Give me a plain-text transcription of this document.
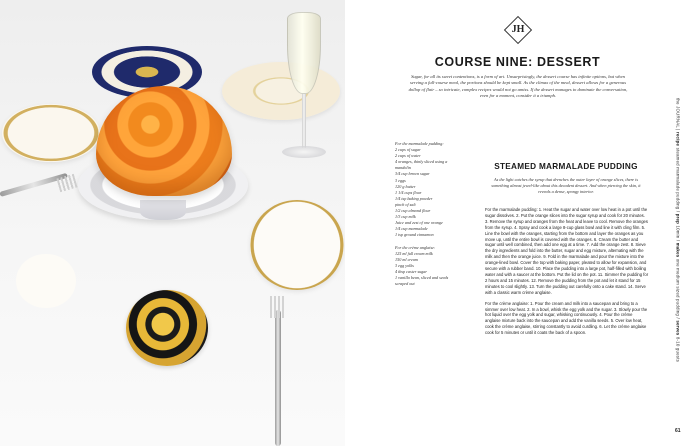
JH
COURSE NINE: DESSERT
Sugar, for all its sweet contentions, is a form of art. Unsurprisingly, the dessert course has infinite options, but when serving a full-course meal, the portions should be kept small. As the climax of the meal, dessert allows for a generous dollop of flair – so intricate, complex recipes would not go amiss. If the dessert manages to dominate the conversation, even for a moment, consider it a triumph.
For the marmalade pudding:
2 cups of sugar
2 cups of water
4 oranges, thinly sliced using a
mandolin
3/4 cup brown sugar
3 eggs
120 g butter
1 1/4 cups flour
1/4 tsp baking powder
pinch of salt
1/2 cup almond flour
1/3 cup milk
Juice and zest of one orange
1/4 cup marmalade
1 tsp ground cinnamon
For the crème anglaise:
125 ml full cream milk
150 ml cream
3 egg yolks
4 tbsp caster sugar
1 vanilla bean, sliced and seeds
scraped out
STEAMED MARMALADE PUDDING
As the light catches the syrup that drenches the outer layer of orange slices, there is something almost jewel-like about this decadent dessert. And when piercing the skin, it reveals a dense, spongy interior.

For the marmalade pudding: 1. Heat the sugar and water over low heat in a pot until the sugar dissolves. 2. Put the orange slices into the sugar syrup and cook for 20 minutes. 3. Remove the syrup and oranges from the heat and leave to cool. Remove the oranges from the syrup. 4. Spray and cook a large 8-cup glass bowl and line it with cling film. 5. Line the bowl with the oranges, starting from the bottom and layer the oranges as you move up, until the entire bowl is covered with the oranges. 6. Cream the butter and sugar until well combined, then add one egg at a time. 7. Add the orange zest. 8. Sieve the dry ingredients and fold into the butter, sugar and egg mixture, alternating with the milk and then the orange juice. 9. Fold in the marmalade and pour the mixture into the orange-lined bowl. Cover the top with baking paper, pleated to allow for expansion, and secure with a rubber band. 10. Place the pudding into a large pot, half-filled with boiling water and with a saucer at the bottom. Put the lid on the pot. 11. Simmer the pudding for 2 hours and 15 minutes. 12. Remove the pudding from the pot and let it stand for 15 minutes to cool slightly. 13. Turn the pudding out carefully onto a cake stand. 14. Serve with a classic warm crème anglaise.

For the crème anglaise: 1. Pour the cream and milk into a saucepan and bring to a simmer over low heat. 2. In a bowl, whisk the egg yolk and the sugar. 3. Slowly pour the hot liquid over the egg yolk and sugar, whisking continuously. 4. Pour the crème anglaise mixture back into the saucepan and add the vanilla seeds. 5. Over low heat, cook the crème anglaise, stirring constantly to avoid curdling. 6. Let the crème anglaise cook for 5 minutes or until it coats the back of a spoon.

the JOURNAL | recipe steamed marmalade pudding / prep 10min / makes one medium sized pudding / serves 8-10 guests
61
